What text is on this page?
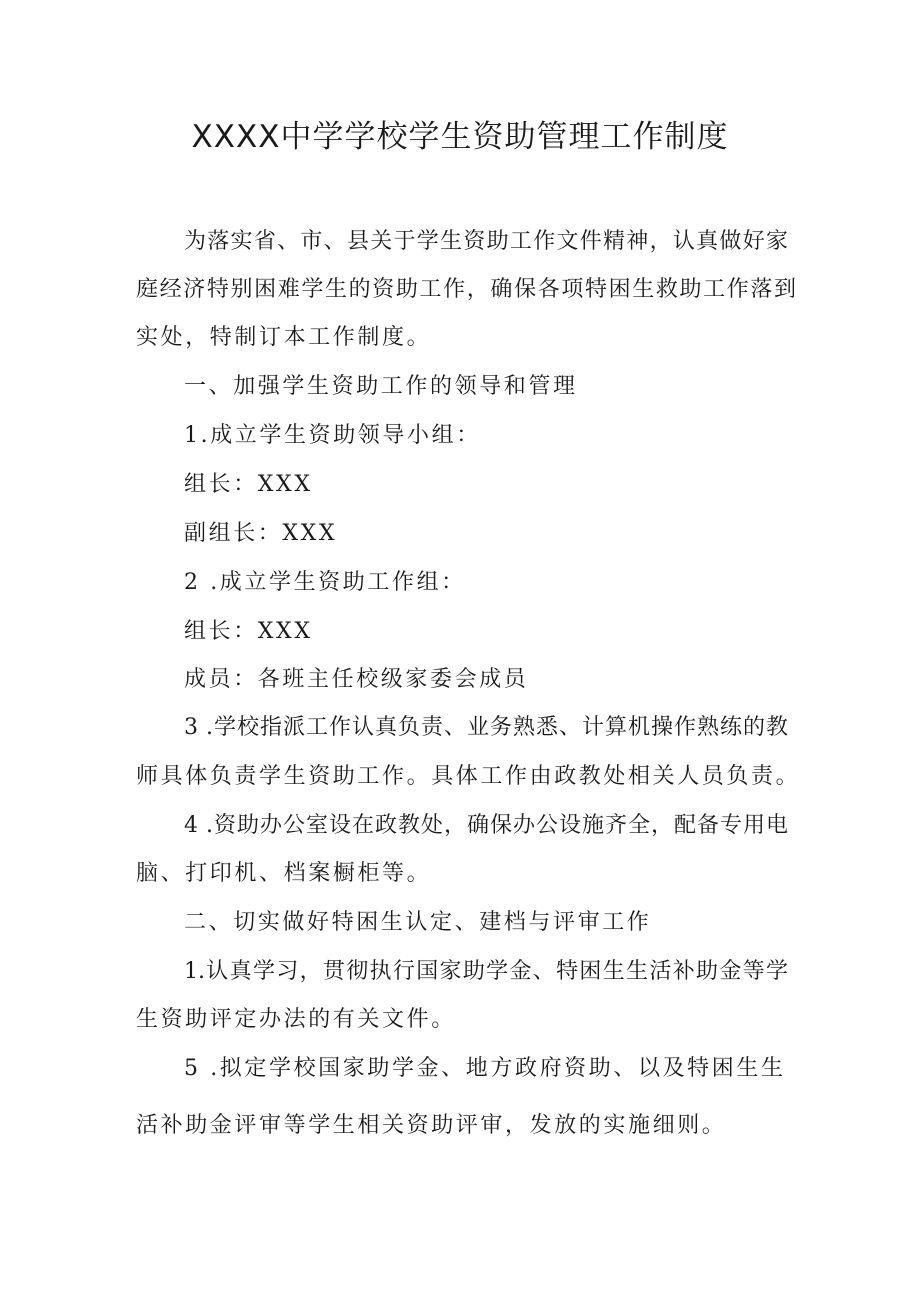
XXXX中学学校学生资助管理工作制度
为落实省、市、县关于学生资助工作文件精神，认真做好家
庭经济特别困难学生的资助工作，确保各项特困生救助工作落到
实处，特制订本工作制度。
一、加强学生资助工作的领导和管理
1.成立学生资助领导小组：
组长：XXX
副组长：XXX
2 .成立学生资助工作组：
组长：XXX
成员：各班主任校级家委会成员
3 .学校指派工作认真负责、业务熟悉、计算机操作熟练的教
师具体负责学生资助工作。具体工作由政教处相关人员负责。
4 .资助办公室设在政教处，确保办公设施齐全，配备专用电
脑、打印机、档案橱柜等。
二、切实做好特困生认定、建档与评审工作
1.认真学习，贯彻执行国家助学金、特困生生活补助金等学
生资助评定办法的有关文件。
5 .拟定学校国家助学金、地方政府资助、以及特困生生
活补助金评审等学生相关资助评审，发放的实施细则。
